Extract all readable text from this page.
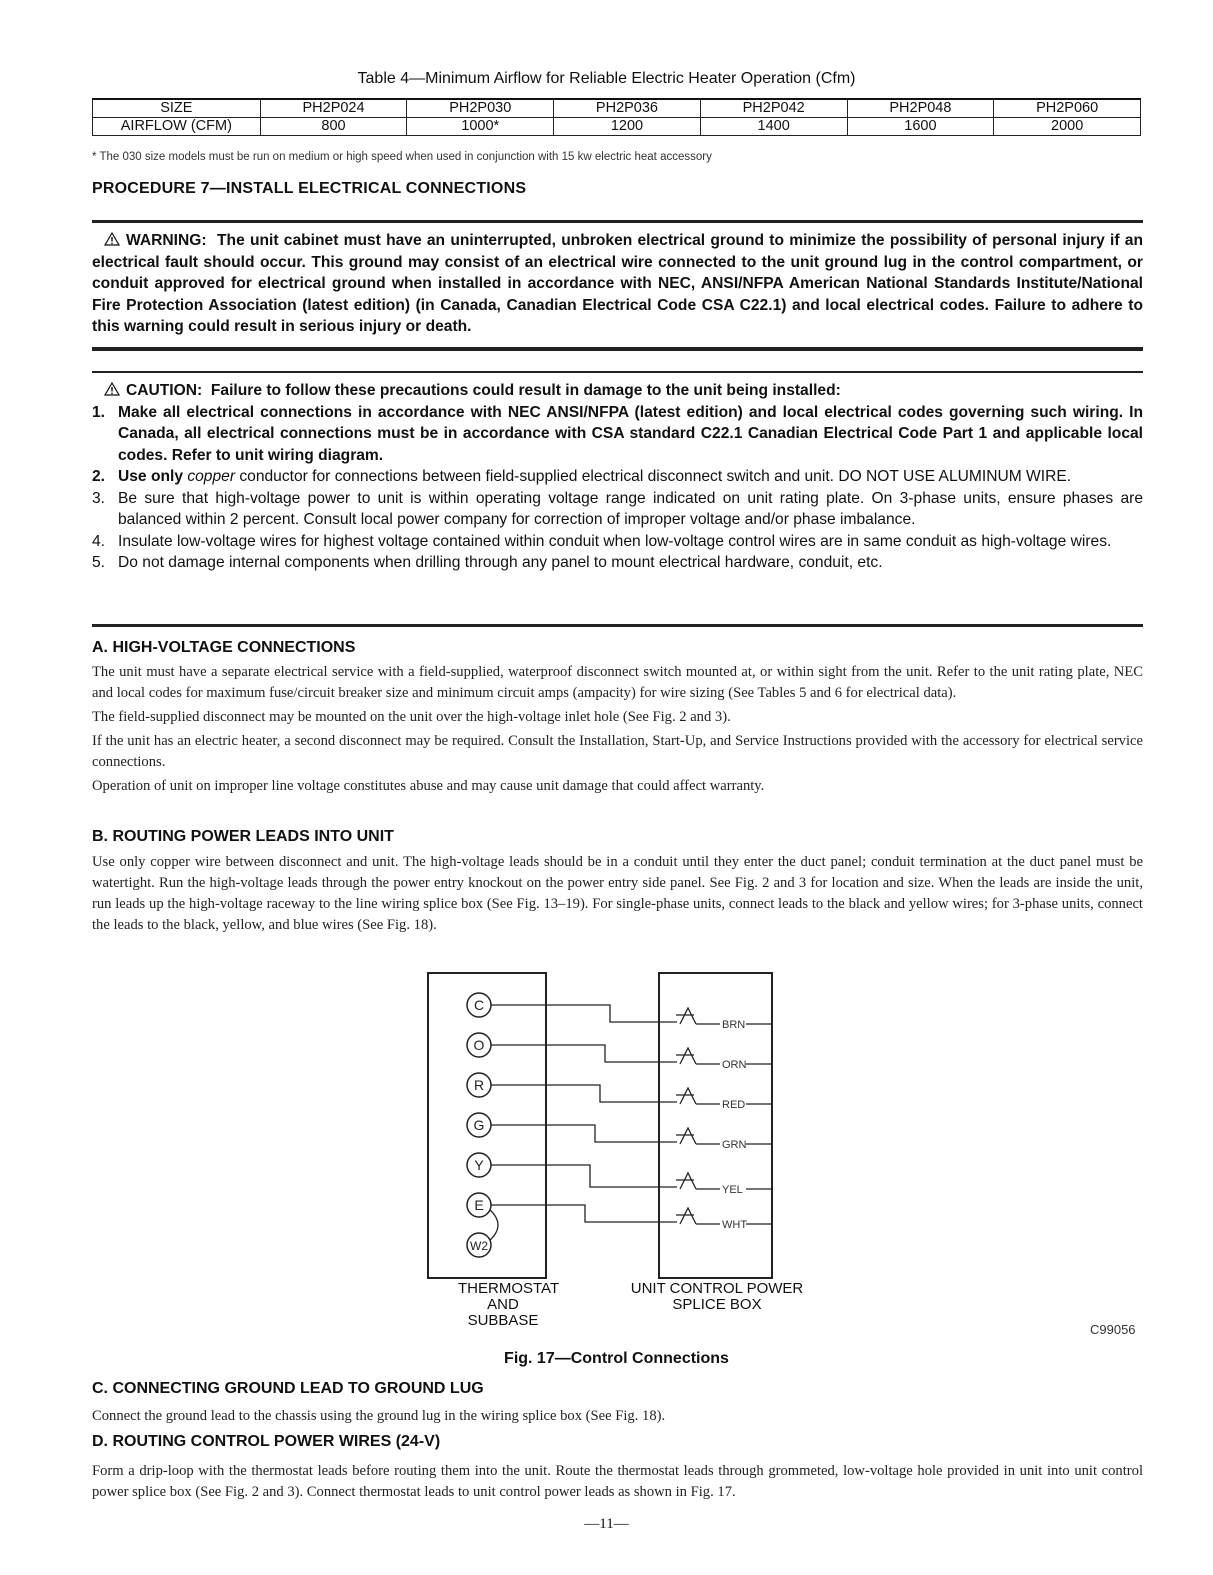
Table 4—Minimum Airflow for Reliable Electric Heater Operation (Cfm)
SIZE	PH2P024	PH2P030	PH2P036	PH2P042	PH2P048	PH2P060
AIRFLOW (CFM)	800	1000*	1200	1400	1600	2000
* The 030 size models must be run on medium or high speed when used in conjunction with 15 kw electric heat accessory
PROCEDURE 7—INSTALL ELECTRICAL CONNECTIONS
WARNING: The unit cabinet must have an uninterrupted, unbroken electrical ground to minimize the possibility of personal injury if an electrical fault should occur. This ground may consist of an electrical wire connected to the unit ground lug in the control compartment, or conduit approved for electrical ground when installed in accordance with NEC, ANSI/NFPA American National Standards Institute/National Fire Protection Association (latest edition) (in Canada, Canadian Electrical Code CSA C22.1) and local electrical codes. Failure to adhere to this warning could result in serious injury or death.
CAUTION: Failure to follow these precautions could result in damage to the unit being installed:
1. Make all electrical connections in accordance with NEC ANSI/NFPA (latest edition) and local electrical codes governing such wiring. In Canada, all electrical connections must be in accordance with CSA standard C22.1 Canadian Electrical Code Part 1 and applicable local codes. Refer to unit wiring diagram.
2. Use only copper conductor for connections between field-supplied electrical disconnect switch and unit. DO NOT USE ALUMINUM WIRE.
3. Be sure that high-voltage power to unit is within operating voltage range indicated on unit rating plate. On 3-phase units, ensure phases are balanced within 2 percent. Consult local power company for correction of improper voltage and/or phase imbalance.
4. Insulate low-voltage wires for highest voltage contained within conduit when low-voltage control wires are in same conduit as high-voltage wires.
5. Do not damage internal components when drilling through any panel to mount electrical hardware, conduit, etc.
A. HIGH-VOLTAGE CONNECTIONS
The unit must have a separate electrical service with a field-supplied, waterproof disconnect switch mounted at, or within sight from the unit. Refer to the unit rating plate, NEC and local codes for maximum fuse/circuit breaker size and minimum circuit amps (ampacity) for wire sizing (See Tables 5 and 6 for electrical data).
The field-supplied disconnect may be mounted on the unit over the high-voltage inlet hole (See Fig. 2 and 3).
If the unit has an electric heater, a second disconnect may be required. Consult the Installation, Start-Up, and Service Instructions provided with the accessory for electrical service connections.
Operation of unit on improper line voltage constitutes abuse and may cause unit damage that could affect warranty.
B. ROUTING POWER LEADS INTO UNIT
Use only copper wire between disconnect and unit. The high-voltage leads should be in a conduit until they enter the duct panel; conduit termination at the duct panel must be watertight. Run the high-voltage leads through the power entry knockout on the power entry side panel. See Fig. 2 and 3 for location and size. When the leads are inside the unit, run leads up the high-voltage raceway to the line wiring splice box (See Fig. 13–19). For single-phase units, connect leads to the black and yellow wires; for 3-phase units, connect the leads to the black, yellow, and blue wires (See Fig. 18).
C
O
R
G
Y
E
W2
BRN
ORN
RED
GRN
YEL
WHT
THERMOSTAT
AND SUBBASE
UNIT CONTROL POWER
SPLICE BOX
C99056
Fig. 17—Control Connections
C. CONNECTING GROUND LEAD TO GROUND LUG
Connect the ground lead to the chassis using the ground lug in the wiring splice box (See Fig. 18).
D. ROUTING CONTROL POWER WIRES (24-V)
Form a drip-loop with the thermostat leads before routing them into the unit. Route the thermostat leads through grommeted, low-voltage hole provided in unit into unit control power splice box (See Fig. 2 and 3). Connect thermostat leads to unit control power leads as shown in Fig. 17.
—11—
